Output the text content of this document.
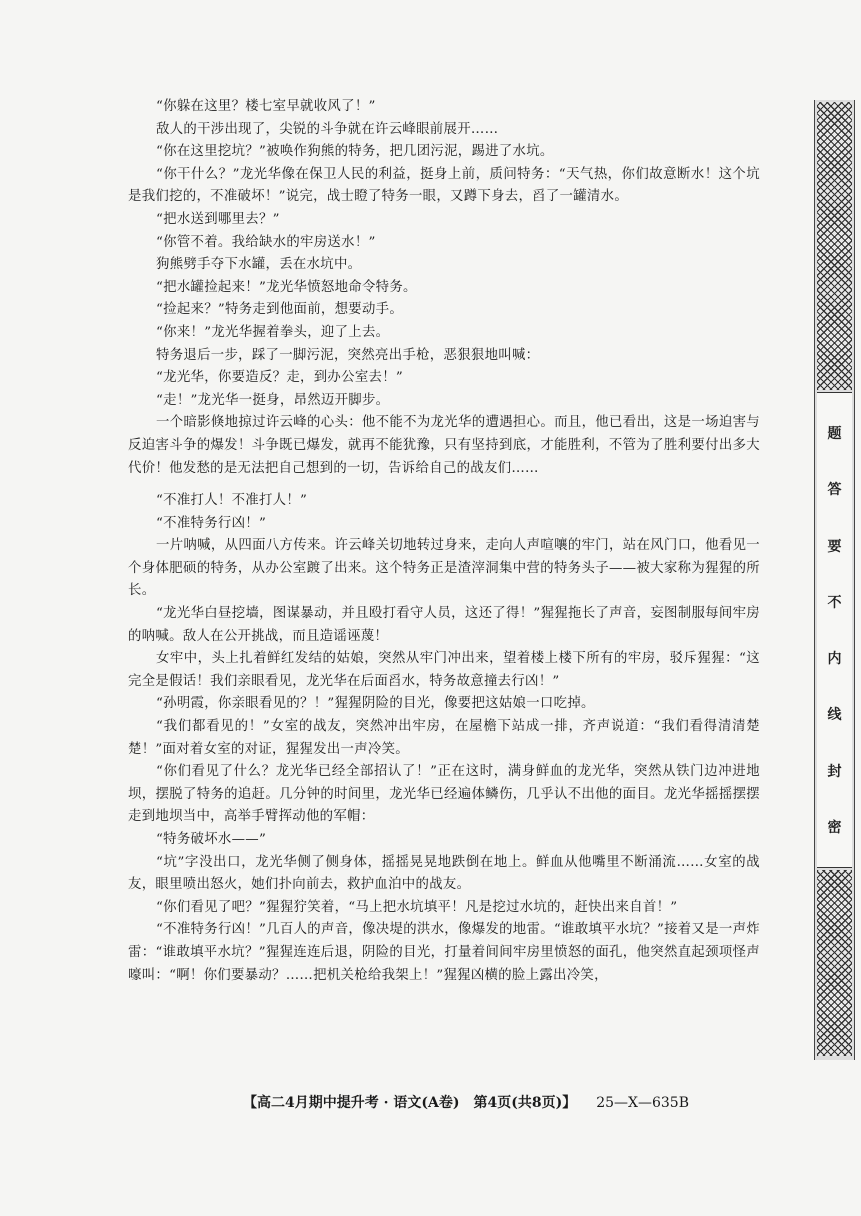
“你躲在这里？楼七室早就收风了！”

敌人的干涉出现了，尖锐的斗争就在许云峰眼前展开……

“你在这里挖坑？”被唤作狗熊的特务，把几团污泥，踢进了水坑。

“你干什么？”龙光华像在保卫人民的利益，挺身上前，质问特务：“天气热，你们故意断水！这个坑是我们挖的，不准破坏！”说完，战士瞪了特务一眼，又蹲下身去，舀了一罐清水。

“把水送到哪里去？”

“你管不着。我给缺水的牢房送水！”

狗熊劈手夺下水罐，丢在水坑中。

“把水罐捡起来！”龙光华愤怒地命令特务。

“捡起来？”特务走到他面前，想要动手。

“你来！”龙光华握着拳头，迎了上去。

特务退后一步，踩了一脚污泥，突然亮出手枪，恶狠狠地叫喊：

“龙光华，你要造反？走，到办公室去！”

“走！”龙光华一挺身，昂然迈开脚步。

一个暗影倏地掠过许云峰的心头：他不能不为龙光华的遭遇担心。而且，他已看出，这是一场迫害与反迫害斗争的爆发！斗争既已爆发，就再不能犹豫，只有坚持到底，才能胜利，不管为了胜利要付出多大代价！他发愁的是无法把自己想到的一切，告诉给自己的战友们……

“不准打人！不准打人！”

“不准特务行凶！”

一片呐喊，从四面八方传来。许云峰关切地转过身来，走向人声喧嚷的牢门，站在风门口，他看见一个身体肥硕的特务，从办公室踱了出来。这个特务正是渣滓洞集中营的特务头子——被大家称为猩猩的所长。

“龙光华白昼挖墙，图谋暴动，并且殴打看守人员，这还了得！”猩猩拖长了声音，妄图制服每间牢房的呐喊。敌人在公开挑战，而且造谣诬蔑！

女牢中，头上扎着鲜红发结的姑娘，突然从牢门冲出来，望着楼上楼下所有的牢房，驳斥猩猩：“这完全是假话！我们亲眼看见，龙光华在后面舀水，特务故意撞去行凶！”

“孙明霞，你亲眼看见的？！”猩猩阴险的目光，像要把这姑娘一口吃掉。

“我们都看见的！”女室的战友，突然冲出牢房，在屋檐下站成一排，齐声说道：“我们看得清清楚楚！”面对着女室的对证，猩猩发出一声冷笑。

“你们看见了什么？龙光华已经全部招认了！”正在这时，满身鲜血的龙光华，突然从铁门边冲进地坝，摆脱了特务的追赶。几分钟的时间里，龙光华已经遍体鳞伤，几乎认不出他的面目。龙光华摇摇摆摆走到地坝当中，高举手臂挥动他的军帽：

“特务破坏水——”

“坑”字没出口，龙光华侧了侧身体，摇摇晃晃地跌倒在地上。鲜血从他嘴里不断涌流……女室的战友，眼里喷出怒火，她们扑向前去，救护血泊中的战友。

“你们看见了吧？”猩猩狞笑着，“马上把水坑填平！凡是挖过水坑的，赶快出来自首！”

“不准特务行凶！”几百人的声音，像决堤的洪水，像爆发的地雷。“谁敢填平水坑？”接着又是一声炸雷：“谁敢填平水坑？”猩猩连连后退，阴险的目光，打量着间间牢房里愤怒的面孔，他突然直起颈项怪声嚎叫：“啊！你们要暴动？……把机关枪给我架上！”猩猩凶横的脸上露出冷笑，

【高二4月期中提升考 · 语文(A卷)　第4页(共8页)】 25—X—635B
题
答
要
不
内
线
封
密
